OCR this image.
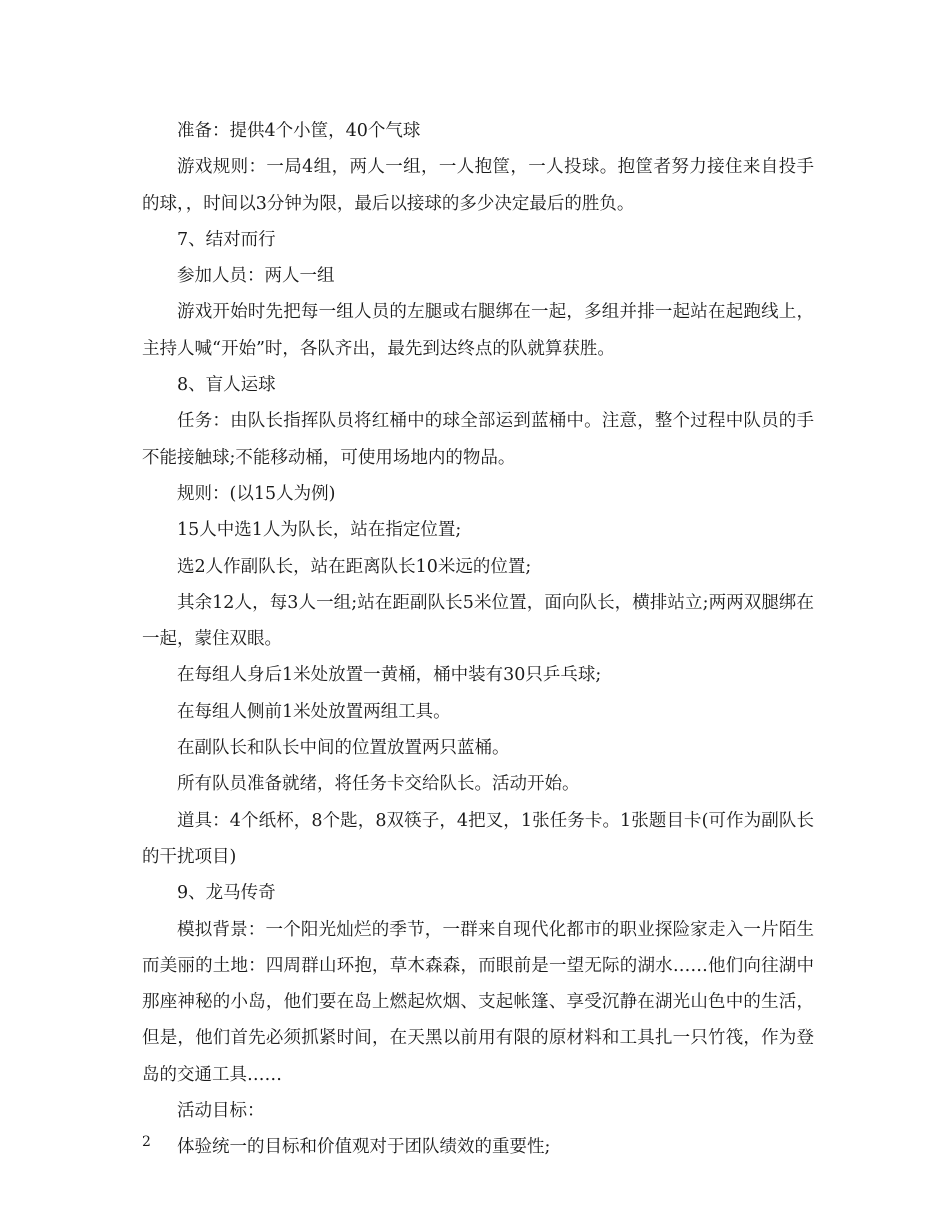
准备：提供4个小筐，40个气球

游戏规则：一局4组，两人一组，一人抱筐，一人投球。抱筐者努力接住来自投手的球，，时间以3分钟为限，最后以接球的多少决定最后的胜负。

7、结对而行

参加人员：两人一组

游戏开始时先把每一组人员的左腿或右腿绑在一起，多组并排一起站在起跑线上，主持人喊“开始”时，各队齐出，最先到达终点的队就算获胜。

8、盲人运球

任务：由队长指挥队员将红桶中的球全部运到蓝桶中。注意，整个过程中队员的手不能接触球;不能移动桶，可使用场地内的物品。

规则：(以15人为例)

15人中选1人为队长，站在指定位置;

选2人作副队长，站在距离队长10米远的位置;

其余12人，每3人一组;站在距副队长5米位置，面向队长，横排站立;两两双腿绑在一起，蒙住双眼。

在每组人身后1米处放置一黄桶，桶中装有30只乒乓球;

在每组人侧前1米处放置两组工具。

在副队长和队长中间的位置放置两只蓝桶。

所有队员准备就绪，将任务卡交给队长。活动开始。

道具：4个纸杯，8个匙，8双筷子，4把叉，1张任务卡。1张题目卡(可作为副队长的干扰项目)

9、龙马传奇

模拟背景：一个阳光灿烂的季节，一群来自现代化都市的职业探险家走入一片陌生而美丽的土地：四周群山环抱，草木森森，而眼前是一望无际的湖水……他们向往湖中那座神秘的小岛，他们要在岛上燃起炊烟、支起帐篷、享受沉静在湖光山色中的生活，但是，他们首先必须抓紧时间，在天黑以前用有限的原材料和工具扎一只竹筏，作为登岛的交通工具……

活动目标：

体验统一的目标和价值观对于团队绩效的重要性;

2
